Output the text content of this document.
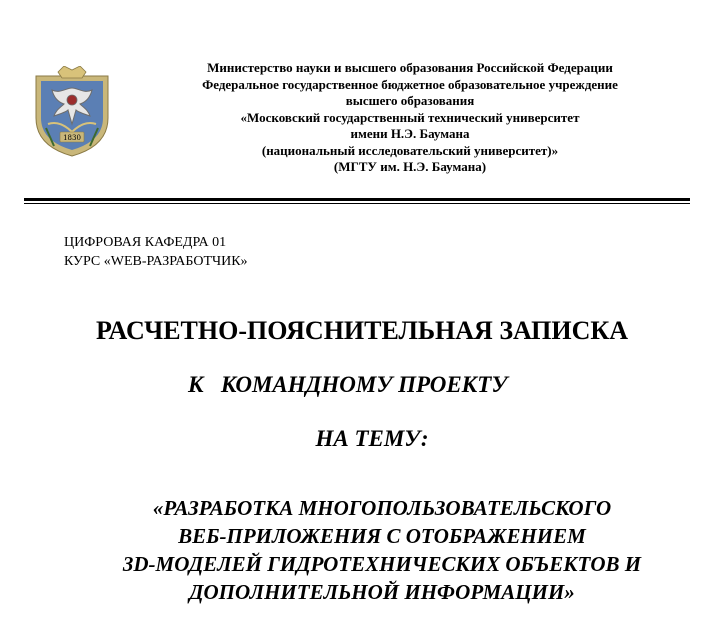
1830
Министерство науки и высшего образования Российской Федерации
Федеральное государственное бюджетное образовательное учреждение
высшего образования
«Московский государственный технический университет
имени Н.Э. Баумана
(национальный исследовательский университет)»
(МГТУ им. Н.Э. Баумана)
ЦИФРОВАЯ КАФЕДРА 01
КУРС «WEB-РАЗРАБОТЧИК»
РАСЧЕТНО-ПОЯСНИТЕЛЬНАЯ ЗАПИСКА
К   КОМАНДНОМУ ПРОЕКТУ
НА ТЕМУ:
«РАЗРАБОТКА МНОГОПОЛЬЗОВАТЕЛЬСКОГО
ВЕБ-ПРИЛОЖЕНИЯ С ОТОБРАЖЕНИЕМ
3D-МОДЕЛЕЙ ГИДРОТЕХНИЧЕСКИХ ОБЪЕКТОВ И
ДОПОЛНИТЕЛЬНОЙ ИНФОРМАЦИИ»
